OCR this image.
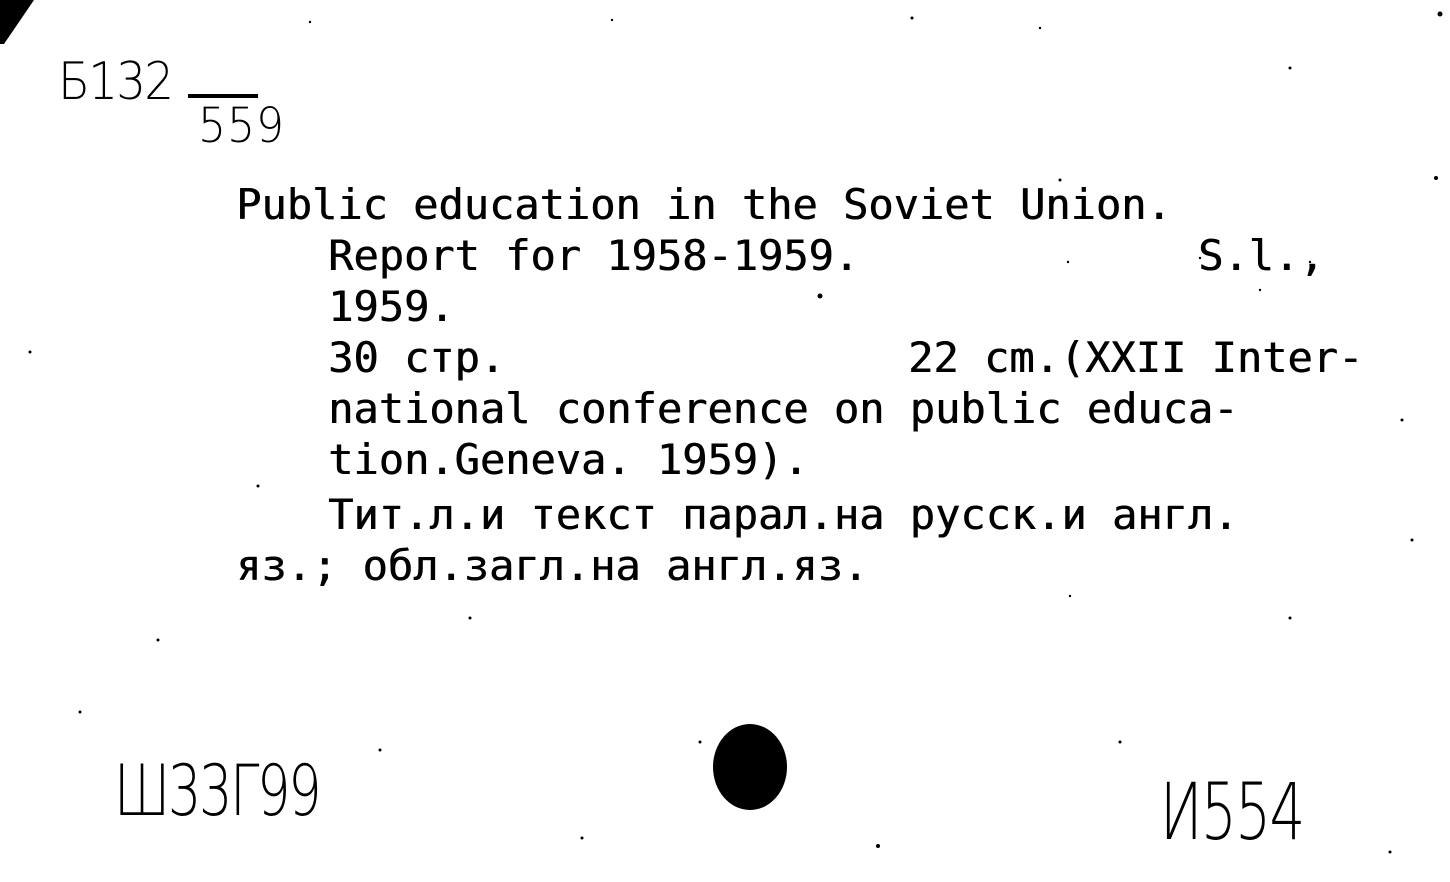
Б132
559
Public education in the Soviet Union.
Report for 1958-1959.	S.l.,
1959.
30 стр.	22 cm.(XXII Inter-
national conference on public educa-
tion.Geneva. 1959).
Тит.л.и текст парал.на русск.и англ.
яз.; обл.загл.на англ.яз.
Ш33Г99	И554
